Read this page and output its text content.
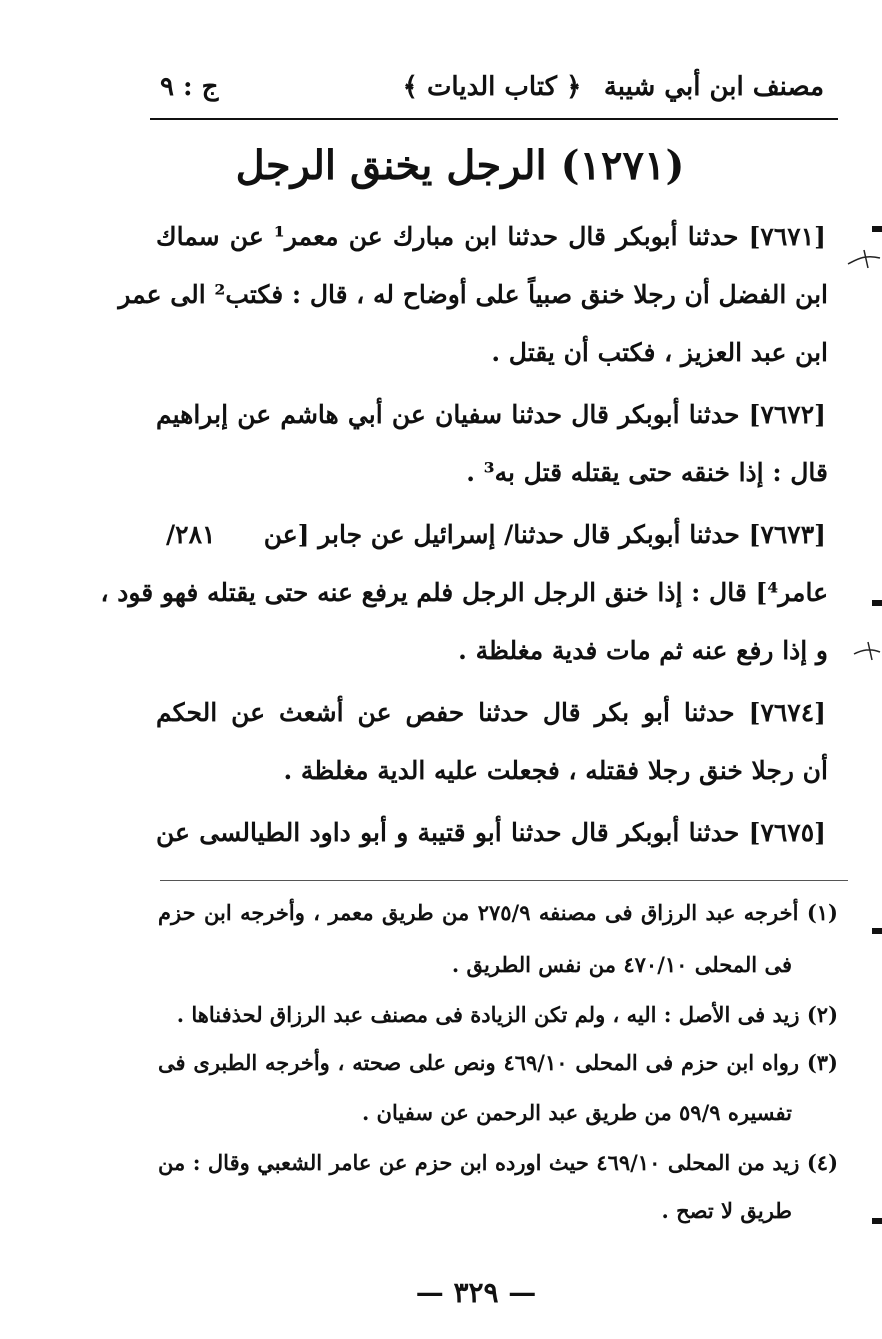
مصنف ابن أبي شيبة
﴿ كتاب الديات ﴾
ج : ٩
(١٢٧١) الرجل يخنق الرجل
[٧٦٧١] حدثنا أبوبكر قال حدثنا ابن مبارك عن معمر¹ عن سماك
ابن الفضل أن رجلا خنق صبياً على أوضاح له ، قال : فكتب² الى عمر
ابن عبد العزيز ، فكتب أن يقتل .
[٧٦٧٢] حدثنا أبوبكر قال حدثنا سفيان عن أبي هاشم عن إبراهيم
قال : إذا خنقه حتى يقتله قتل به³ .
[٧٦٧٣] حدثنا أبوبكر قال حدثنا/ إسرائيل عن جابر [عن
٢٨١/
عامر⁴] قال : إذا خنق الرجل الرجل فلم يرفع عنه حتى يقتله فهو قود ،
و إذا رفع عنه ثم مات فدية مغلظة .
[٧٦٧٤] حدثنا أبو بكر قال حدثنا حفص عن أشعث عن الحكم
أن رجلا خنق رجلا فقتله ، فجعلت عليه الدية مغلظة .
[٧٦٧٥] حدثنا أبوبكر قال حدثنا أبو قتيبة و أبو داود الطيالسى عن
(١) أخرجه عبد الرزاق فى مصنفه ٢٧٥/٩ من طريق معمر ، وأخرجه ابن حزم
فى المحلى ٤٧٠/١٠ من نفس الطريق .
(٢) زيد فى الأصل : اليه ، ولم تكن الزيادة فى مصنف عبد الرزاق لحذفناها .
(٣) رواه ابن حزم فى المحلى ٤٦٩/١٠ ونص على صحته ، وأخرجه الطبرى فى
تفسيره ٥٩/٩ من طريق عبد الرحمن عن سفيان .
(٤) زيد من المحلى ٤٦٩/١٠ حيث اورده ابن حزم عن عامر الشعبي وقال : من
طريق لا تصح .
— ٣٢٩ —
